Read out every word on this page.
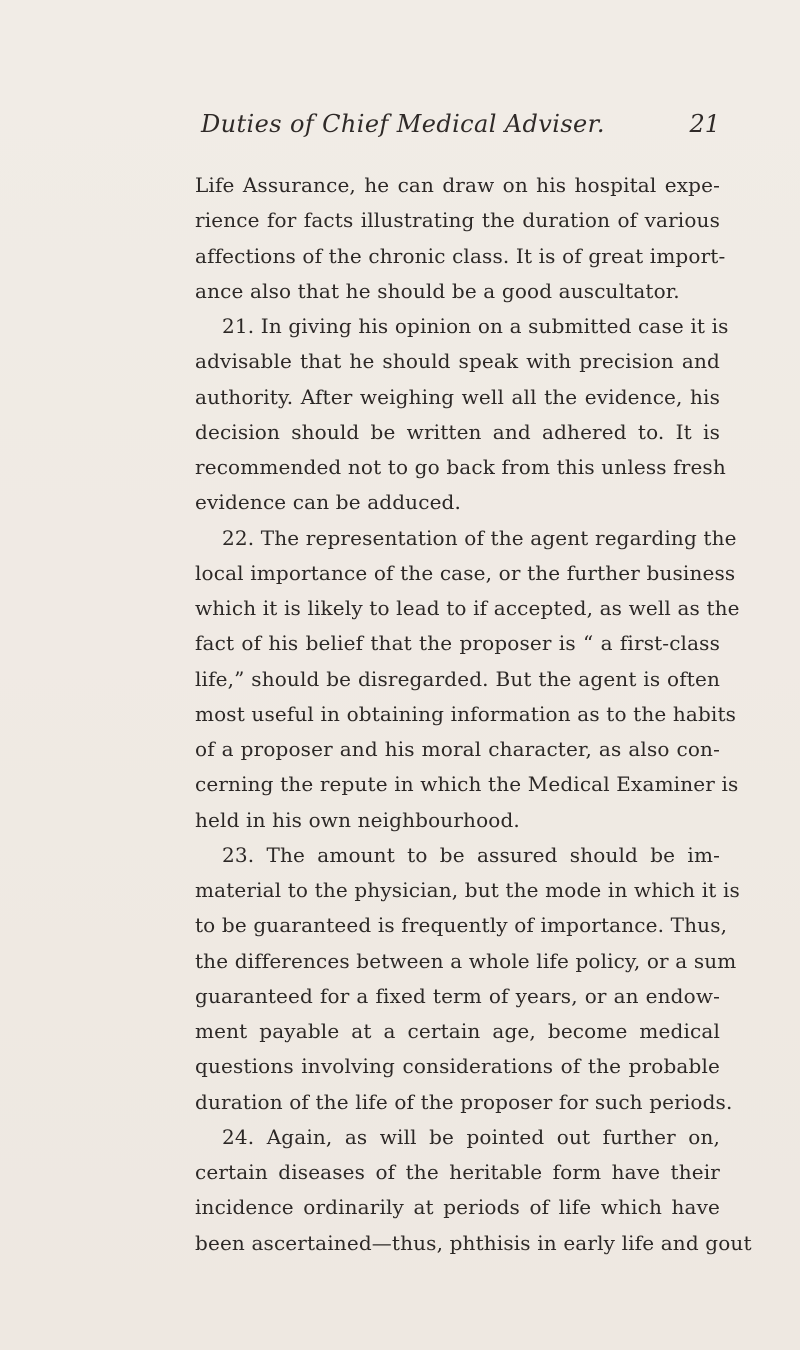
Duties of Chief Medical Adviser.	21
Life Assurance, he can draw on his hospital expe-
rience for facts illustrating the duration of various
affections of the chronic class. It is of great import-
ance also that he should be a good auscultator.
21. In giving his opinion on a submitted case it is
advisable that he should speak with precision and
authority. After weighing well all the evidence, his
decision should be written and adhered to. It is
recommended not to go back from this unless fresh
evidence can be adduced.
22. The representation of the agent regarding the
local importance of the case, or the further business
which it is likely to lead to if accepted, as well as the
fact of his belief that the proposer is “ a first-class
life,” should be disregarded. But the agent is often
most useful in obtaining information as to the habits
of a proposer and his moral character, as also con-
cerning the repute in which the Medical Examiner is
held in his own neighbourhood.
23. The amount to be assured should be im-
material to the physician, but the mode in which it is
to be guaranteed is frequently of importance. Thus,
the differences between a whole life policy, or a sum
guaranteed for a fixed term of years, or an endow-
ment payable at a certain age, become medical
questions involving considerations of the probable
duration of the life of the proposer for such periods.
24. Again, as will be pointed out further on,
certain diseases of the heritable form have their
incidence ordinarily at periods of life which have
been ascertained—thus, phthisis in early life and gout
